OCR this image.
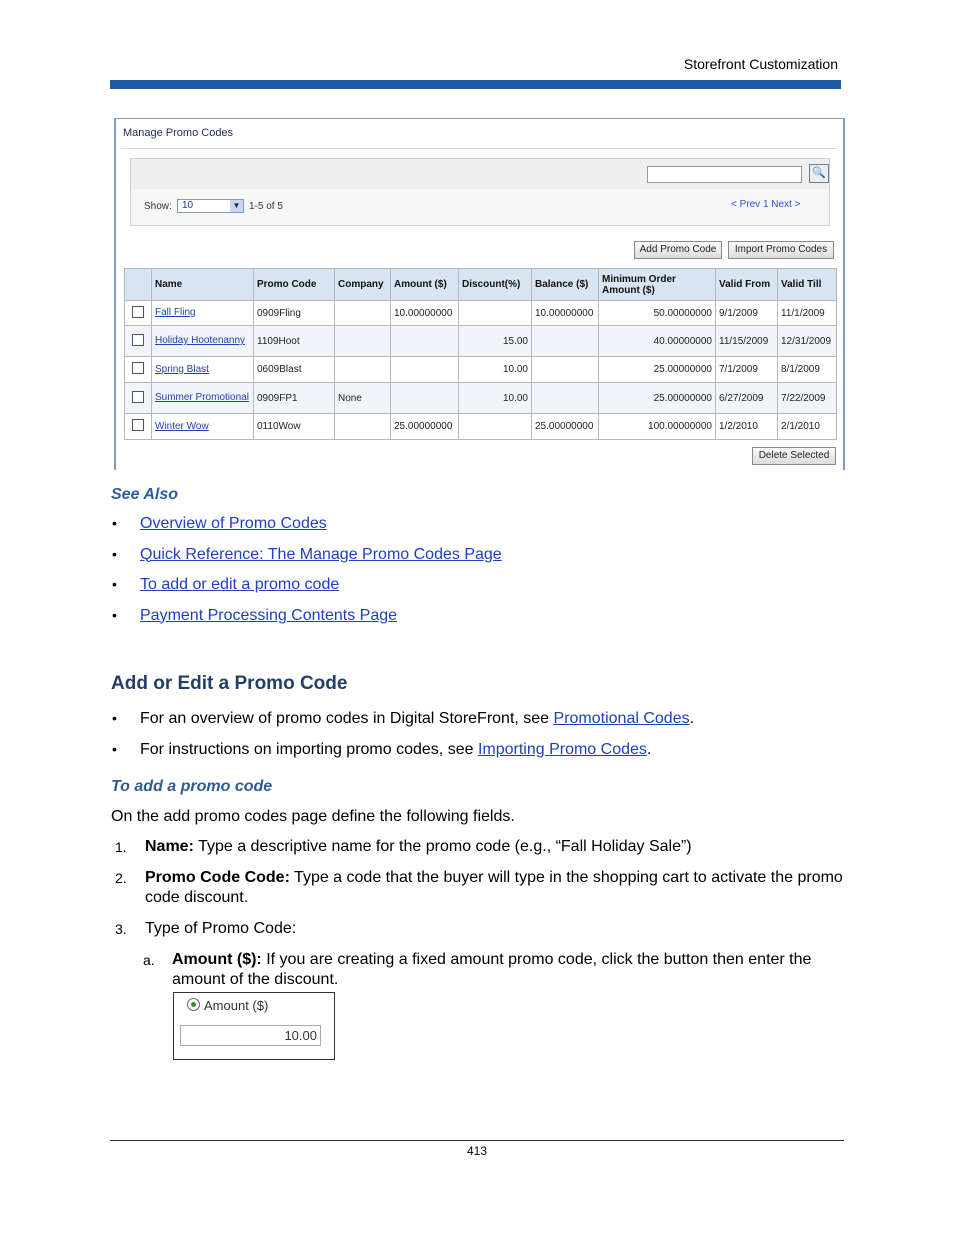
Storefront Customization
Manage Promo Codes
🔍
Show:	10	▼ 1-5 of 5	< Prev 1 Next >
Add Promo Code	Import Promo Codes
	Name	Promo Code	Company	Amount ($)	Discount(%)	Balance ($)	Minimum Order Amount ($)	Valid From	Valid Till
	Fall Fling	0909Fling		10.00000000		10.00000000	50.00000000	9/1/2009	11/1/2009
	Holiday Hootenanny	1109Hoot			15.00		40.00000000	11/15/2009	12/31/2009
	Spring Blast	0609Blast			10.00		25.00000000	7/1/2009	8/1/2009
	Summer Promotional	0909FP1	None		10.00		25.00000000	6/27/2009	7/22/2009
	Winter Wow	0110Wow		25.00000000		25.00000000	100.00000000	1/2/2010	2/1/2010
Delete Selected
See Also
• Overview of Promo Codes
• Quick Reference: The Manage Promo Codes Page
• To add or edit a promo code
• Payment Processing Contents Page
Add or Edit a Promo Code
• For an overview of promo codes in Digital StoreFront, see Promotional Codes.
• For instructions on importing promo codes, see Importing Promo Codes.
To add a promo code
On the add promo codes page define the following fields.
1. Name: Type a descriptive name for the promo code (e.g., “Fall Holiday Sale”)
2. Promo Code Code: Type a code that the buyer will type in the shopping cart to activate the promo code discount.
3. Type of Promo Code:
a. Amount ($): If you are creating a fixed amount promo code, click the button then enter the amount of the discount.
Amount ($)
10.00
413
